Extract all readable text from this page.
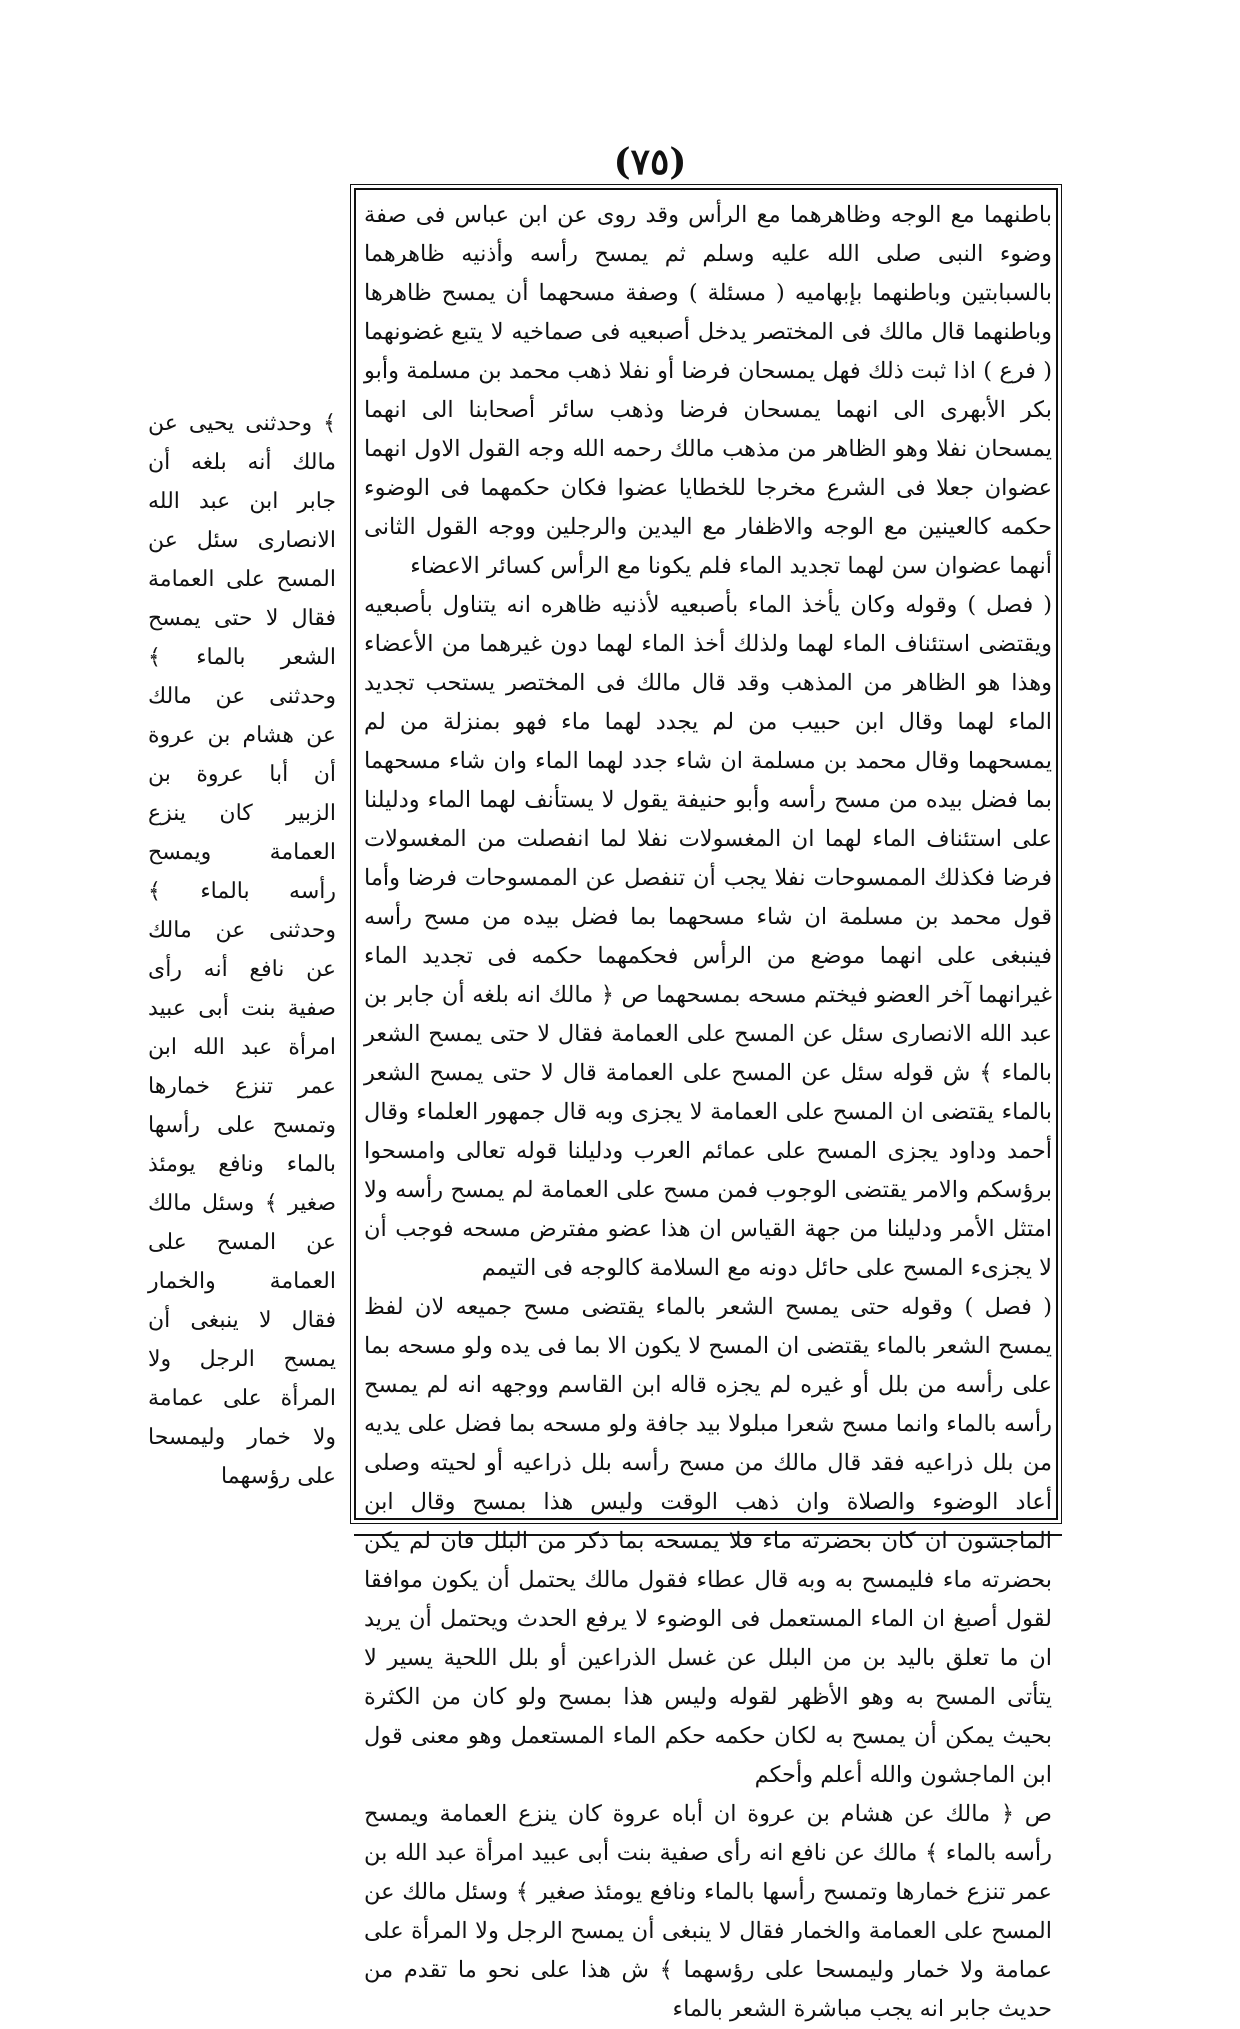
(٧٥)

باطنهما مع الوجه وظاهرهما مع الرأس وقد روى عن ابن عباس فى صفة وضوء النبى صلى الله عليه وسلم ثم يمسح رأسه وأذنيه ظاهرهما بالسبابتين وباطنهما بإبهاميه ( مسئلة ) وصفة مسحهما أن يمسح ظاهرها وباطنهما قال مالك فى المختصر يدخل أصبعيه فى صماخيه لا يتبع غضونهما ( فرع ) اذا ثبت ذلك فهل يمسحان فرضا أو نفلا ذهب محمد بن مسلمة وأبو بكر الأبهرى الى انهما يمسحان فرضا وذهب سائر أصحابنا الى انهما يمسحان نفلا وهو الظاهر من مذهب مالك رحمه الله وجه القول الاول انهما عضوان جعلا فى الشرع مخرجا للخطايا عضوا فكان حكمهما فى الوضوء حكمه كالعينين مع الوجه والاظفار مع اليدين والرجلين ووجه القول الثانى أنهما عضوان سن لهما تجديد الماء فلم يكونا مع الرأس كسائر الاعضاء

( فصل ) وقوله وكان يأخذ الماء بأصبعيه لأذنيه ظاهره انه يتناول بأصبعيه ويقتضى استئناف الماء لهما ولذلك أخذ الماء لهما دون غيرهما من الأعضاء وهذا هو الظاهر من المذهب وقد قال مالك فى المختصر يستحب تجديد الماء لهما وقال ابن حبيب من لم يجدد لهما ماء فهو بمنزلة من لم يمسحهما وقال محمد بن مسلمة ان شاء جدد لهما الماء وان شاء مسحهما بما فضل بيده من مسح رأسه وأبو حنيفة يقول لا يستأنف لهما الماء ودليلنا على استئناف الماء لهما ان المغسولات نفلا لما انفصلت من المغسولات فرضا فكذلك الممسوحات نفلا يجب أن تنفصل عن الممسوحات فرضا وأما قول محمد بن مسلمة ان شاء مسحهما بما فضل بيده من مسح رأسه فينبغى على انهما موضع من الرأس فحكمهما حكمه فى تجديد الماء غيرانهما آخر العضو فيختم مسحه بمسحهما ص ﴿ مالك انه بلغه أن جابر بن عبد الله الانصارى سئل عن المسح على العمامة فقال لا حتى يمسح الشعر بالماء ﴾ ش قوله سئل عن المسح على العمامة قال لا حتى يمسح الشعر بالماء يقتضى ان المسح على العمامة لا يجزى وبه قال جمهور العلماء وقال أحمد وداود يجزى المسح على عمائم العرب ودليلنا قوله تعالى وامسحوا برؤسكم والامر يقتضى الوجوب فمن مسح على العمامة لم يمسح رأسه ولا امتثل الأمر ودليلنا من جهة القياس ان هذا عضو مفترض مسحه فوجب أن لا يجزىء المسح على حائل دونه مع السلامة كالوجه فى التيمم

( فصل ) وقوله حتى يمسح الشعر بالماء يقتضى مسح جميعه لان لفظ يمسح الشعر بالماء يقتضى ان المسح لا يكون الا بما فى يده ولو مسحه بما على رأسه من بلل أو غيره لم يجزه قاله ابن القاسم ووجهه انه لم يمسح رأسه بالماء وانما مسح شعرا مبلولا بيد جافة ولو مسحه بما فضل على يديه من بلل ذراعيه فقد قال مالك من مسح رأسه بلل ذراعيه أو لحيته وصلى أعاد الوضوء والصلاة وان ذهب الوقت وليس هذا بمسح وقال ابن الماجشون ان كان بحضرته ماء فلا يمسحه بما ذكر من البلل فان لم يكن بحضرته ماء فليمسح به وبه قال عطاء فقول مالك يحتمل أن يكون موافقا لقول أصبغ ان الماء المستعمل فى الوضوء لا يرفع الحدث ويحتمل أن يريد ان ما تعلق باليد بن من البلل عن غسل الذراعين أو بلل اللحية يسير لا يتأتى المسح به وهو الأظهر لقوله وليس هذا بمسح ولو كان من الكثرة بحيث يمكن أن يمسح به لكان حكمه حكم الماء المستعمل وهو معنى قول ابن الماجشون والله أعلم وأحكم

ص ﴿ مالك عن هشام بن عروة ان أباه عروة كان ينزع العمامة ويمسح رأسه بالماء ﴾ مالك عن نافع انه رأى صفية بنت أبى عبيد امرأة عبد الله بن عمر تنزع خمارها وتمسح رأسها بالماء ونافع يومئذ صغير ﴾ وسئل مالك عن المسح على العمامة والخمار فقال لا ينبغى أن يمسح الرجل ولا المرأة على عمامة ولا خمار وليمسحا على رؤسهما ﴾ ش هذا على نحو ما تقدم من حديث جابر انه يجب مباشرة الشعر بالماء

﴾ وحدثنى يحيى عن مالك أنه بلغه أن جابر ابن عبد الله الانصارى سئل عن المسح على العمامة فقال لا حتى يمسح الشعر بالماء ﴾ وحدثنى عن مالك عن هشام بن عروة أن أبا عروة بن الزبير كان ينزع العمامة ويمسح رأسه بالماء ﴾ وحدثنى عن مالك عن نافع أنه رأى صفية بنت أبى عبيد امرأة عبد الله ابن عمر تنزع خمارها وتمسح على رأسها بالماء ونافع يومئذ صغير ﴾ وسئل مالك عن المسح على العمامة والخمار فقال لا ينبغى أن يمسح الرجل ولا المرأة على عمامة ولا خمار وليمسحا على رؤسهما
